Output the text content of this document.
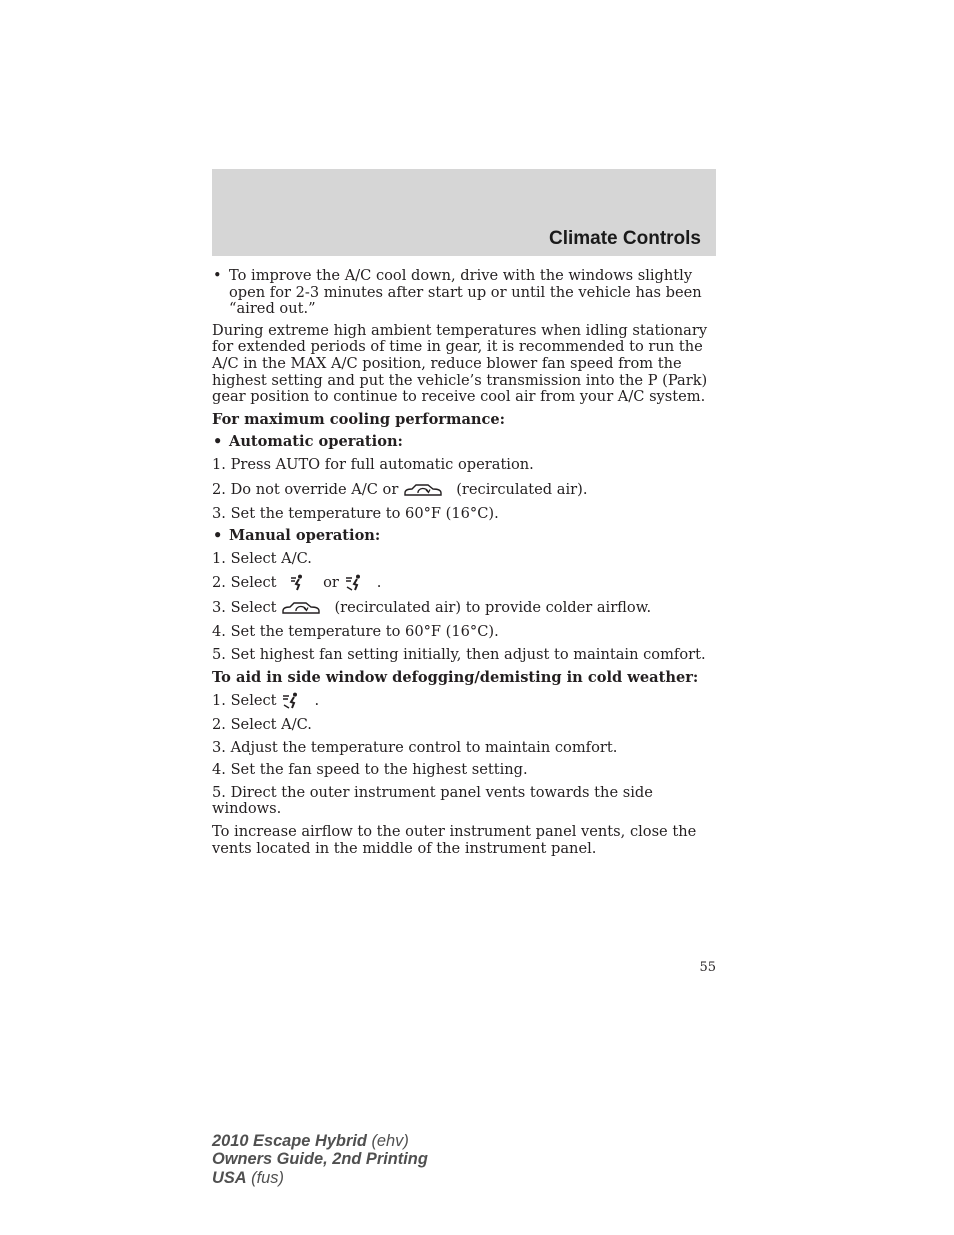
Climate Controls

• To improve the A/C cool down, drive with the windows slightly open for 2-3 minutes after start up or until the vehicle has been “aired out.”

During extreme high ambient temperatures when idling stationary for extended periods of time in gear, it is recommended to run the A/C in the MAX A/C position, reduce blower fan speed from the highest setting and put the vehicle’s transmission into the P (Park) gear position to continue to receive cool air from your A/C system.

For maximum cooling performance:

• Automatic operation:

1. Press AUTO for full automatic operation.

2. Do not override A/C or	(recirculated air).

3. Set the temperature to 60°F (16°C).

• Manual operation:

1. Select A/C.

2. Select	or	.

3. Select	(recirculated air) to provide colder airflow.

4. Set the temperature to 60°F (16°C).

5. Set highest fan setting initially, then adjust to maintain comfort.

To aid in side window defogging/demisting in cold weather:

1. Select	.

2. Select A/C.

3. Adjust the temperature control to maintain comfort.

4. Set the fan speed to the highest setting.

5. Direct the outer instrument panel vents towards the side windows.

To increase airflow to the outer instrument panel vents, close the vents located in the middle of the instrument panel.

55

2010 Escape Hybrid (ehv)
Owners Guide, 2nd Printing
USA (fus)
